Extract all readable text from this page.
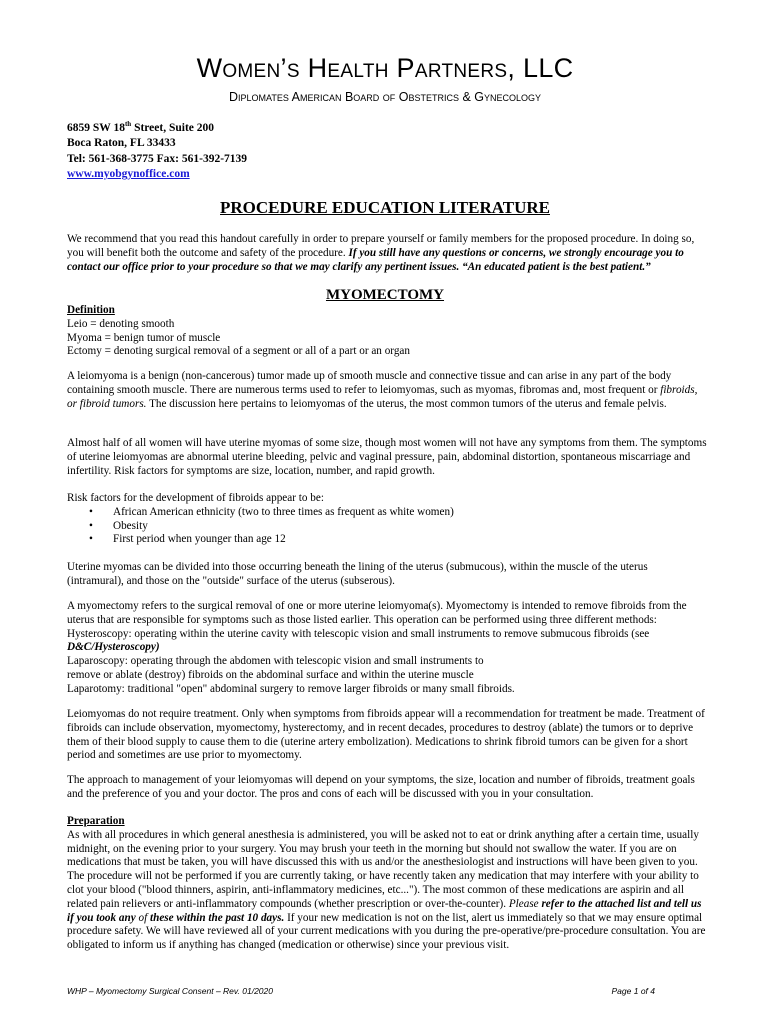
Women’s Health Partners, LLC
Diplomates American Board of Obstetrics & Gynecology
6859 SW 18th Street, Suite 200
Boca Raton, FL 33433
Tel: 561-368-3775 Fax: 561-392-7139
www.myobgynoffice.com
PROCEDURE EDUCATION LITERATURE

We recommend that you read this handout carefully in order to prepare yourself or family members for the proposed procedure. In doing so, you will benefit both the outcome and safety of the procedure. If you still have any questions or concerns, we strongly encourage you to contact our office prior to your procedure so that we may clarify any pertinent issues. “An educated patient is the best patient.”

MYOMECTOMY
Definition
Leio = denoting smooth
Myoma = benign tumor of muscle
Ectomy = denoting surgical removal of a segment or all of a part or an organ

A leiomyoma is a benign (non-cancerous) tumor made up of smooth muscle and connective tissue and can arise in any part of the body containing smooth muscle. There are numerous terms used to refer to leiomyomas, such as myomas, fibromas and, most frequent or fibroids, or fibroid tumors. The discussion here pertains to leiomyomas of the uterus, the most common tumors of the uterus and female pelvis.

Almost half of all women will have uterine myomas of some size, though most women will not have any symptoms from them. The symptoms of uterine leiomyomas are abnormal uterine bleeding, pelvic and vaginal pressure, pain, abdominal distortion, spontaneous miscarriage and infertility. Risk factors for symptoms are size, location, number, and rapid growth.

Risk factors for the development of fibroids appear to be:
• African American ethnicity (two to three times as frequent as white women)
• Obesity
• First period when younger than age 12

Uterine myomas can be divided into those occurring beneath the lining of the uterus (submucous), within the muscle of the uterus (intramural), and those on the "outside" surface of the uterus (subserous).

A myomectomy refers to the surgical removal of one or more uterine leiomyoma(s). Myomectomy is intended to remove fibroids from the uterus that are responsible for symptoms such as those listed earlier. This operation can be performed using three different methods:

Hysteroscopy: operating within the uterine cavity with telescopic vision and small instruments to remove submucous fibroids (see
D&C/Hysteroscopy)
Laparoscopy: operating through the abdomen with telescopic vision and small instruments to
remove or ablate (destroy) fibroids on the abdominal surface and within the uterine muscle
Laparotomy: traditional "open" abdominal surgery to remove larger fibroids or many small fibroids.

Leiomyomas do not require treatment. Only when symptoms from fibroids appear will a recommendation for treatment be made. Treatment of fibroids can include observation, myomectomy, hysterectomy, and in recent decades, procedures to destroy (ablate) the tumors or to deprive them of their blood supply to cause them to die (uterine artery embolization). Medications to shrink fibroid tumors can be given for a short period and sometimes are use prior to myomectomy.

The approach to management of your leiomyomas will depend on your symptoms, the size, location and number of fibroids, treatment goals and the preference of you and your doctor. The pros and cons of each will be discussed with you in your consultation.

Preparation

As with all procedures in which general anesthesia is administered, you will be asked not to eat or drink anything after a certain time, usually midnight, on the evening prior to your surgery. You may brush your teeth in the morning but should not swallow the water. If you are on medications that must be taken, you will have discussed this with us and/or the anesthesiologist and instructions will have been given to you. The procedure will not be performed if you are currently taking, or have recently taken any medication that may interfere with your ability to clot your blood ("blood thinners, aspirin, anti-inflammatory medicines, etc..."). The most common of these medications are aspirin and all related pain relievers or anti-inflammatory compounds (whether prescription or over-the-counter). Please refer to the attached list and tell us if you took any of these within the past 10 days. If your new medication is not on the list, alert us immediately so that we may ensure optimal procedure safety. We will have reviewed all of your current medications with you during the pre-operative/pre-procedure consultation. You are obligated to inform us if anything has changed (medication or otherwise) since your previous visit.

WHP – Myomectomy Surgical Consent – Rev. 01/2020	Page 1 of 4
